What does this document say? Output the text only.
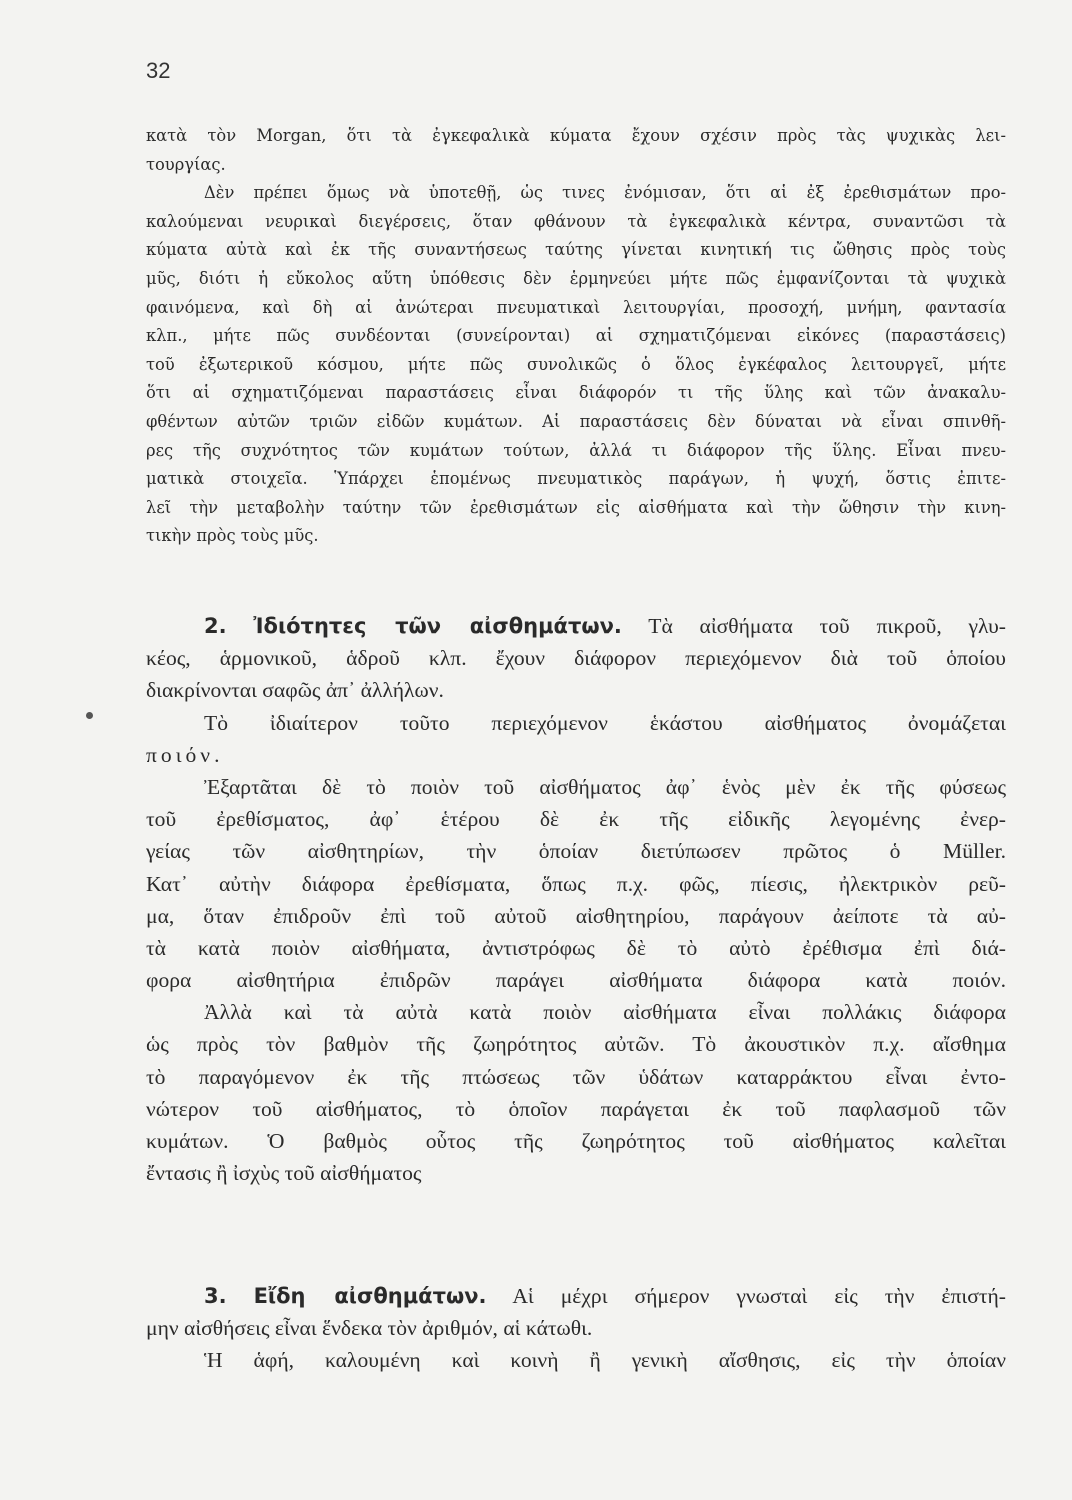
32
κατὰ τὸν Morgan, ὅτι τὰ ἐγκεφαλικὰ κύματα ἔχουν σχέσιν πρὸς τὰς ψυχικὰς λει-
τουργίας.
Δὲν πρέπει ὅμως νὰ ὑποτεθῇ, ὡς τινες ἐνόμισαν, ὅτι αἱ ἐξ ἐρεθισμάτων προ-
καλούμεναι νευρικαὶ διεγέρσεις, ὅταν φθάνουν τὰ ἐγκεφαλικὰ κέντρα, συναντῶσι τὰ
κύματα αὐτὰ καὶ ἐκ τῆς συναντήσεως ταύτης γίνεται κινητική τις ὤθησις πρὸς τοὺς
μῦς, διότι ἡ εὔκολος αὕτη ὑπόθεσις δὲν ἑρμηνεύει μήτε πῶς ἐμφανίζονται τὰ ψυχικὰ
φαινόμενα, καὶ δὴ αἱ ἀνώτεραι πνευματικαὶ λειτουργίαι, προσοχή, μνήμη, φαντασία
κλπ., μήτε πῶς συνδέονται (συνείρονται) αἱ σχηματιζόμεναι εἰκόνες (παραστάσεις)
τοῦ ἐξωτερικοῦ κόσμου, μήτε πῶς συνολικῶς ὁ ὅλος ἐγκέφαλος λειτουργεῖ, μήτε
ὅτι αἱ σχηματιζόμεναι παραστάσεις εἶναι διάφορόν τι τῆς ὕλης καὶ τῶν ἀνακαλυ-
φθέντων αὐτῶν τριῶν εἰδῶν κυμάτων. Αἱ παραστάσεις δὲν δύναται νὰ εἶναι σπινθῆ-
ρες τῆς συχνότητος τῶν κυμάτων τούτων, ἀλλά τι διάφορον τῆς ὕλης. Εἶναι πνευ-
ματικὰ στοιχεῖα. Ὑπάρχει ἑπομένως πνευματικὸς παράγων, ἡ ψυχή, ὅστις ἐπιτε-
λεῖ τὴν μεταβολὴν ταύτην τῶν ἐρεθισμάτων εἰς αἰσθήματα καὶ τὴν ὤθησιν τὴν κινη-
τικὴν πρὸς τοὺς μῦς.
2. Ἰδιότητες τῶν αἰσθημάτων. Τὰ αἰσθήματα τοῦ πικροῦ, γλυ-
κέος, ἁρμονικοῦ, ἁδροῦ κλπ. ἔχουν διάφορον περιεχόμενον διὰ τοῦ ὁποίου
διακρίνονται σαφῶς ἀπ᾿ ἀλλήλων.
Τὸ ἰδιαίτερον τοῦτο περιεχόμενον ἑκάστου αἰσθήματος ὀνομάζεται
ποιόν.
Ἐξαρτᾶται δὲ τὸ ποιὸν τοῦ αἰσθήματος ἀφ᾿ ἑνὸς μὲν ἐκ τῆς φύσεως
τοῦ ἐρεθίσματος, ἀφ᾿ ἑτέρου δὲ ἐκ τῆς εἰδικῆς λεγομένης ἐνερ-
γείας τῶν αἰσθητηρίων, τὴν ὁποίαν διετύπωσεν πρῶτος ὁ Müller.
Κατ᾿ αὐτὴν διάφορα ἐρεθίσματα, ὅπως π.χ. φῶς, πίεσις, ἠλεκτρικὸν ρεῦ-
μα, ὅταν ἐπιδροῦν ἐπὶ τοῦ αὐτοῦ αἰσθητηρίου, παράγουν ἀείποτε τὰ αὐ-
τὰ κατὰ ποιὸν αἰσθήματα, ἀντιστρόφως δὲ τὸ αὐτὸ ἐρέθισμα ἐπὶ διά-
φορα αἰσθητήρια ἐπιδρῶν παράγει αἰσθήματα διάφορα κατὰ ποιόν.
Ἀλλὰ καὶ τὰ αὐτὰ κατὰ ποιὸν αἰσθήματα εἶναι πολλάκις διάφορα
ὡς πρὸς τὸν βαθμὸν τῆς ζωηρότητος αὐτῶν. Τὸ ἀκουστικὸν π.χ. αἴσθημα
τὸ παραγόμενον ἐκ τῆς πτώσεως τῶν ὑδάτων καταρράκτου εἶναι ἐντο-
νώτερον τοῦ αἰσθήματος, τὸ ὁποῖον παράγεται ἐκ τοῦ παφλασμοῦ τῶν
κυμάτων. Ὁ βαθμὸς οὗτος τῆς ζωηρότητος τοῦ αἰσθήματος καλεῖται
ἔντασις ἢ ἰσχὺς τοῦ αἰσθήματος
3. Εἴδη αἰσθημάτων. Αἱ μέχρι σήμερον γνωσταὶ εἰς τὴν ἐπιστή-
μην αἰσθήσεις εἶναι ἕνδεκα τὸν ἀριθμόν, αἱ κάτωθι.
Ἡ ἁφή, καλουμένη καὶ κοινὴ ἢ γενικὴ αἴσθησις, εἰς τὴν ὁποίαν
